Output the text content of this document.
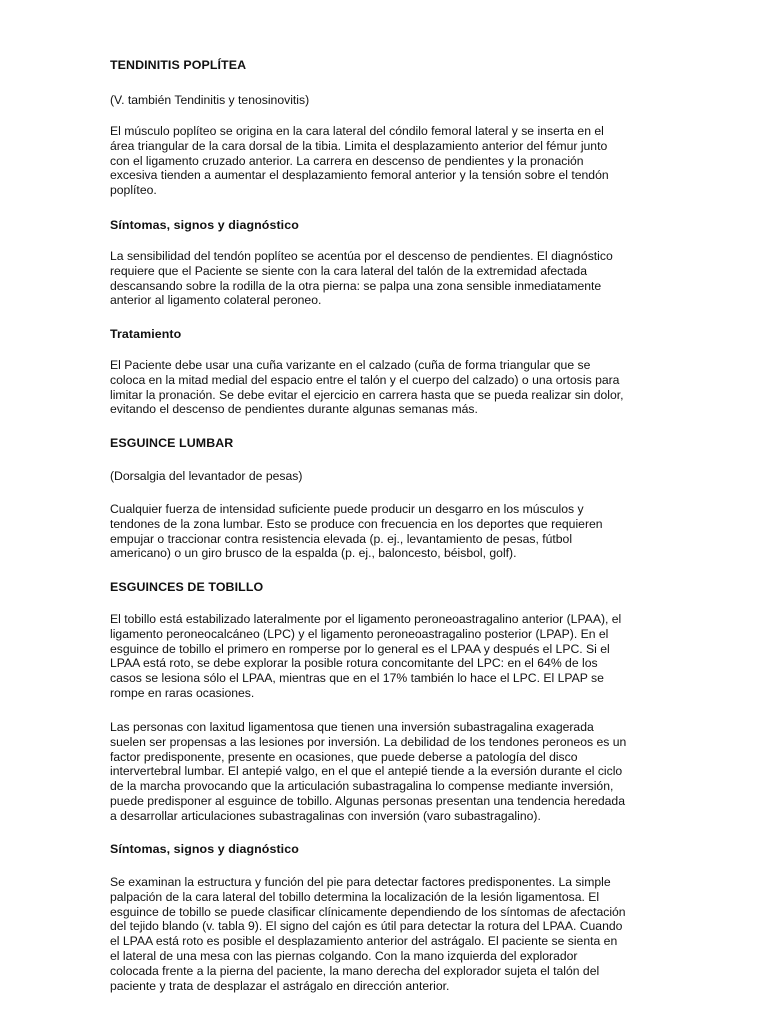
TENDINITIS POPLÍTEA

(V. también Tendinitis y tenosinovitis)

El músculo poplíteo se origina en la cara lateral del cóndilo femoral lateral y se inserta en el
área triangular de la cara dorsal de la tibia. Limita el desplazamiento anterior del fémur junto
con el ligamento cruzado anterior. La carrera en descenso de pendientes y la pronación
excesiva tienden a aumentar el desplazamiento femoral anterior y la tensión sobre el tendón
poplíteo.

Síntomas, signos y diagnóstico

La sensibilidad del tendón poplíteo se acentúa por el descenso de pendientes. El diagnóstico
requiere que el Paciente se siente con la cara lateral del talón de la extremidad afectada
descansando sobre la rodilla de la otra pierna: se palpa una zona sensible inmediatamente
anterior al ligamento colateral peroneo.

Tratamiento

El Paciente debe usar una cuña varizante en el calzado (cuña de forma triangular que se
coloca en la mitad medial del espacio entre el talón y el cuerpo del calzado) o una ortosis para
limitar la pronación. Se debe evitar el ejercicio en carrera hasta que se pueda realizar sin dolor,
evitando el descenso de pendientes durante algunas semanas más.

ESGUINCE LUMBAR

(Dorsalgia del levantador de pesas)

Cualquier fuerza de intensidad suficiente puede producir un desgarro en los músculos y
tendones de la zona lumbar. Esto se produce con frecuencia en los deportes que requieren
empujar o traccionar contra resistencia elevada (p. ej., levantamiento de pesas, fútbol
americano) o un giro brusco de la espalda (p. ej., baloncesto, béisbol, golf).

ESGUINCES DE TOBILLO

El tobillo está estabilizado lateralmente por el ligamento peroneoastragalino anterior (LPAA), el
ligamento peroneocalcáneo (LPC) y el ligamento peroneoastragalino posterior (LPAP). En el
esguince de tobillo el primero en romperse por lo general es el LPAA y después el LPC. Si el
LPAA está roto, se debe explorar la posible rotura concomitante del LPC: en el 64% de los
casos se lesiona sólo el LPAA, mientras que en el 17% también lo hace el LPC. El LPAP se
rompe en raras ocasiones.

Las personas con laxitud ligamentosa que tienen una inversión subastragalina exagerada
suelen ser propensas a las lesiones por inversión. La debilidad de los tendones peroneos es un
factor predisponente, presente en ocasiones, que puede deberse a patología del disco
intervertebral lumbar. El antepié valgo, en el que el antepié tiende a la eversión durante el ciclo
de la marcha provocando que la articulación subastragalina lo compense mediante inversión,
puede predisponer al esguince de tobillo. Algunas personas presentan una tendencia heredada
a desarrollar articulaciones subastragalinas con inversión (varo subastragalino).

Síntomas, signos y diagnóstico

Se examinan la estructura y función del pie para detectar factores predisponentes. La simple
palpación de la cara lateral del tobillo determina la localización de la lesión ligamentosa. El
esguince de tobillo se puede clasificar clínicamente dependiendo de los síntomas de afectación
del tejido blando (v. tabla 9). El signo del cajón es útil para detectar la rotura del LPAA. Cuando
el LPAA está roto es posible el desplazamiento anterior del astrágalo. El paciente se sienta en
el lateral de una mesa con las piernas colgando. Con la mano izquierda del explorador
colocada frente a la pierna del paciente, la mano derecha del explorador sujeta el talón del
paciente y trata de desplazar el astrágalo en dirección anterior.
